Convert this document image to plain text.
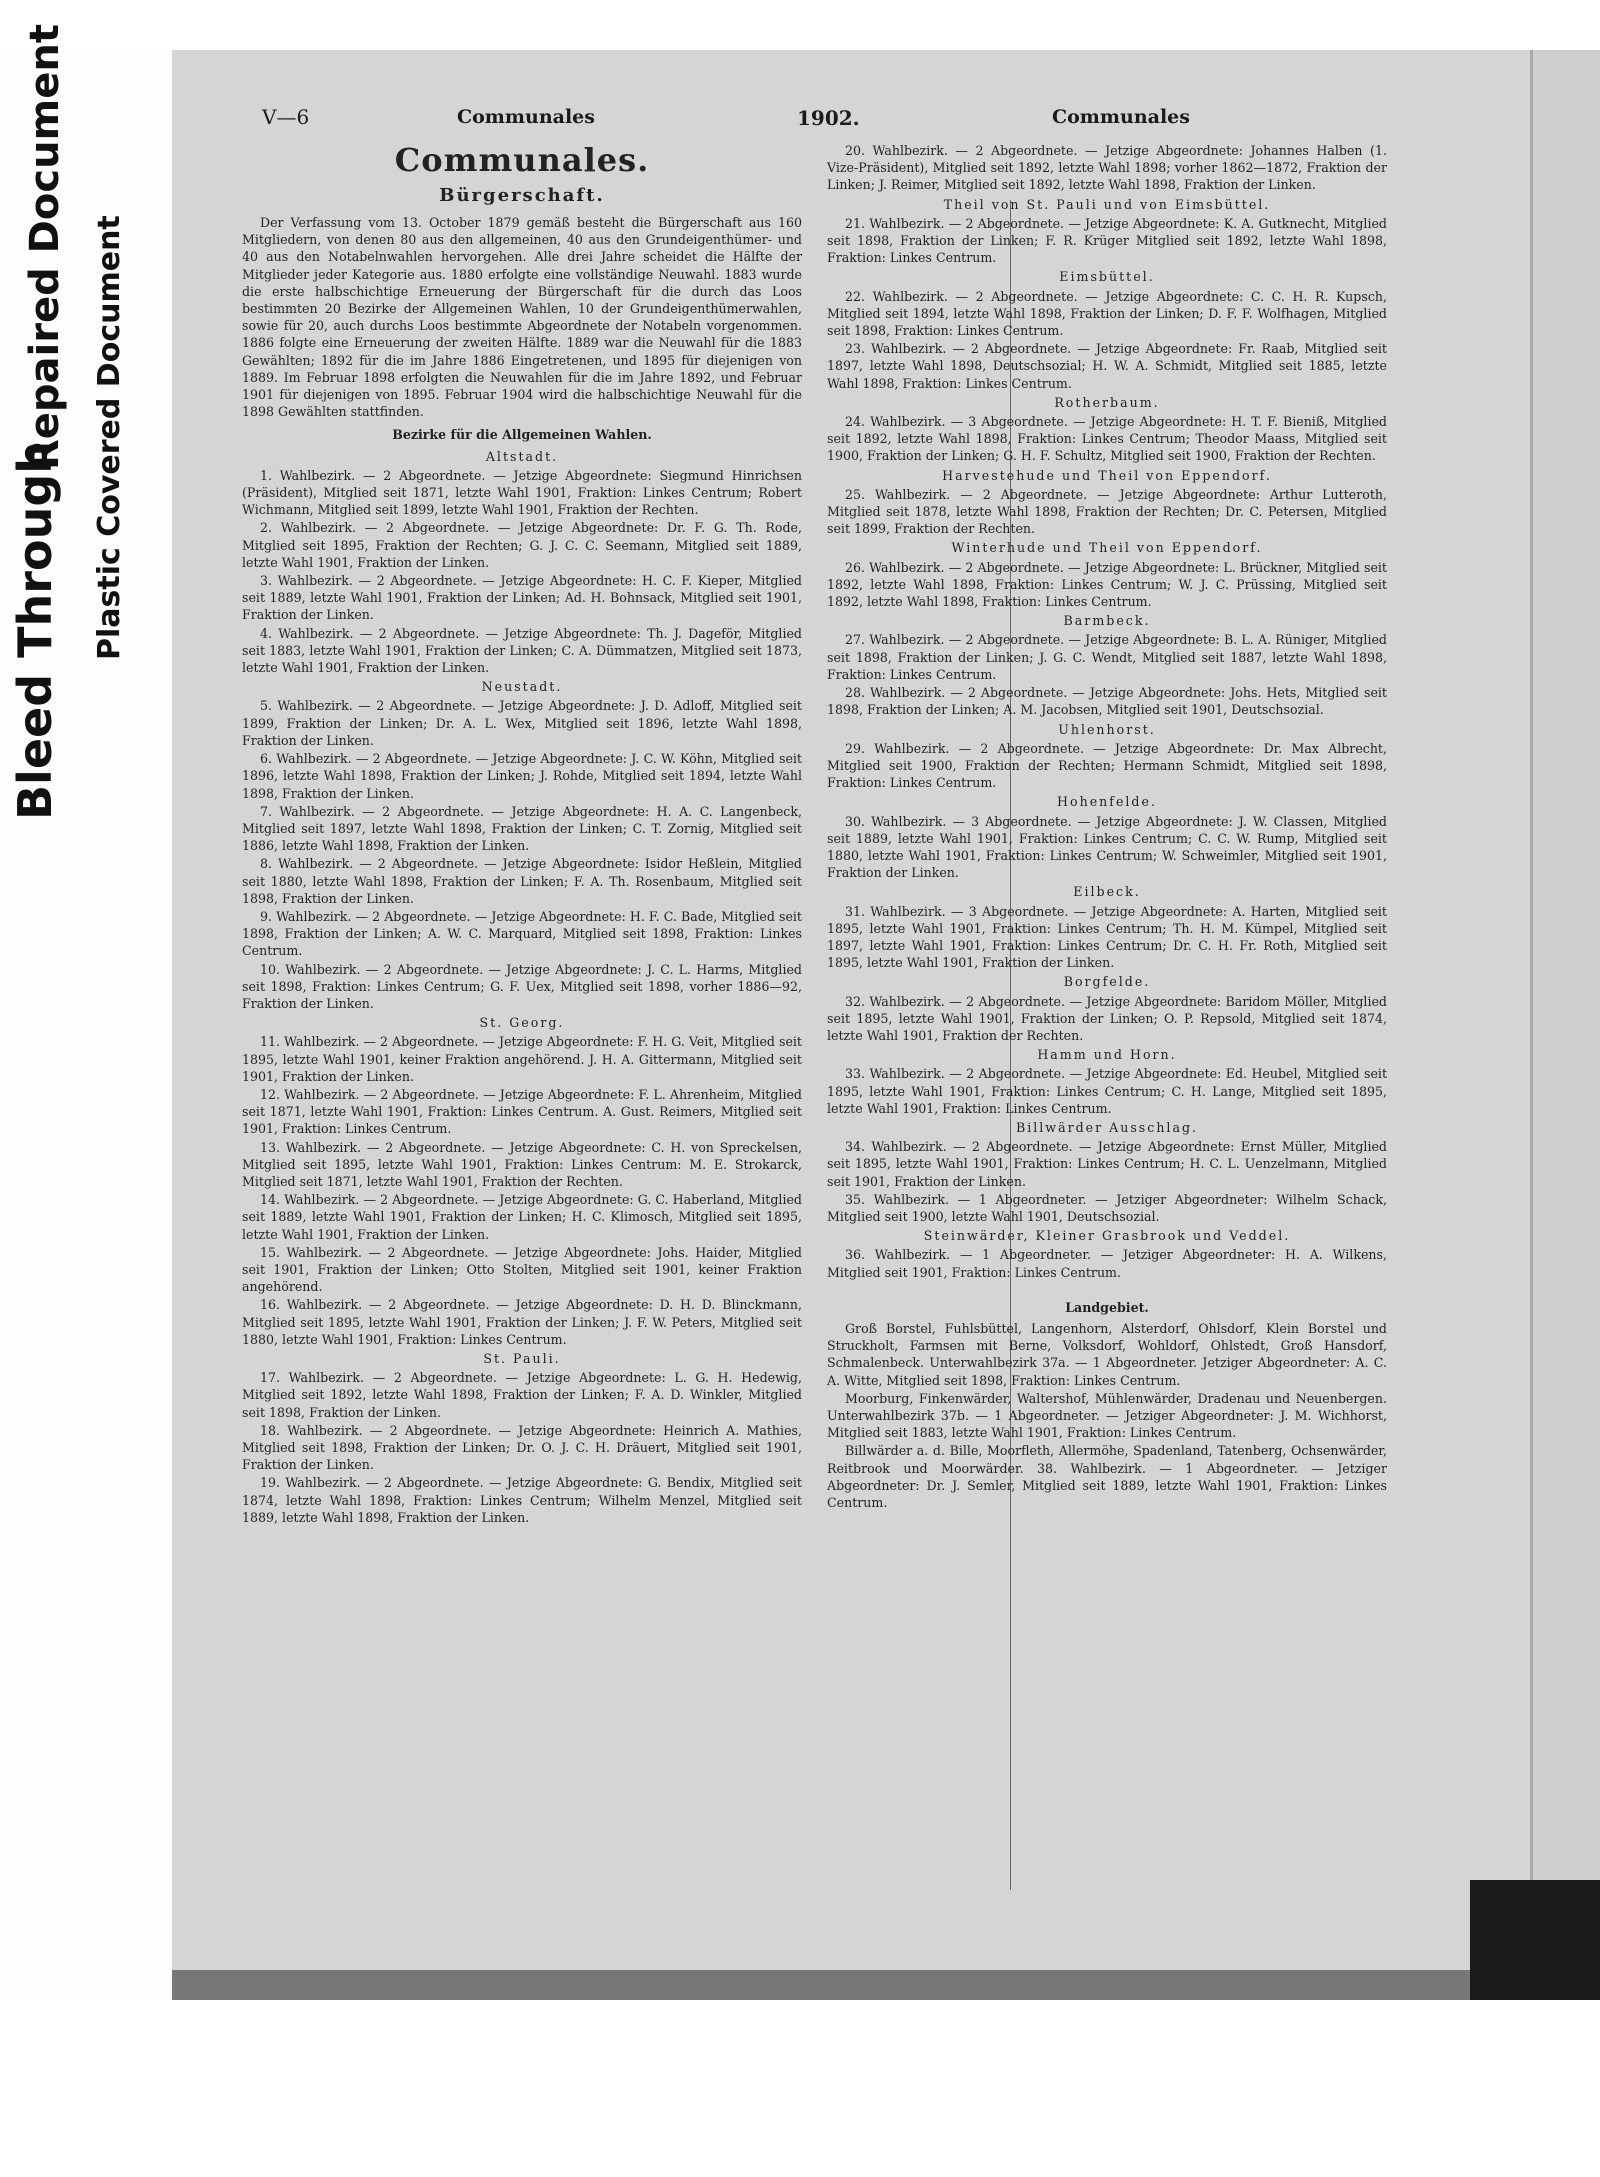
Bleed Through
Repaired Document Plastic Covered Document
V—6	Communales	1902.	Communales
Communales.
Bürgerschaft.

Der Verfassung vom 13. October 1879 gemäß besteht die Bürgerschaft aus 160 Mitgliedern, von denen 80 aus den allgemeinen, 40 aus den Grundeigenthümer- und 40 aus den Notabelnwahlen hervorgehen. Alle drei Jahre scheidet die Hälfte der Mitglieder jeder Kategorie aus. 1880 erfolgte eine vollständige Neuwahl. 1883 wurde die erste halbschichtige Erneuerung der Bürgerschaft für die durch das Loos bestimmten 20 Bezirke der Allgemeinen Wahlen, 10 der Grundeigenthümerwahlen, sowie für 20, auch durchs Loos bestimmte Abgeordnete der Notabeln vorgenommen. 1886 folgte eine Erneuerung der zweiten Hälfte. 1889 war die Neuwahl für die 1883 Gewählten; 1892 für die im Jahre 1886 Eingetretenen, und 1895 für diejenigen von 1889. Im Februar 1898 erfolgten die Neuwahlen für die im Jahre 1892, und Februar 1901 für diejenigen von 1895. Februar 1904 wird die halbschichtige Neuwahl für die 1898 Gewählten stattfinden.

Bezirke für die Allgemeinen Wahlen.

Altstadt.

1. Wahlbezirk. — 2 Abgeordnete. — Jetzige Abgeordnete: Siegmund Hinrichsen (Präsident), Mitglied seit 1871, letzte Wahl 1901, Fraktion: Linkes Centrum; Robert Wichmann, Mitglied seit 1899, letzte Wahl 1901, Fraktion der Rechten.

2. Wahlbezirk. — 2 Abgeordnete. — Jetzige Abgeordnete: Dr. F. G. Th. Rode, Mitglied seit 1895, Fraktion der Rechten; G. J. C. C. Seemann, Mitglied seit 1889, letzte Wahl 1901, Fraktion der Linken.

3. Wahlbezirk. — 2 Abgeordnete. — Jetzige Abgeordnete: H. C. F. Kieper, Mitglied seit 1889, letzte Wahl 1901, Fraktion der Linken; Ad. H. Bohnsack, Mitglied seit 1901, Fraktion der Linken.

4. Wahlbezirk. — 2 Abgeordnete. — Jetzige Abgeordnete: Th. J. Dageför, Mitglied seit 1883, letzte Wahl 1901, Fraktion der Linken; C. A. Dümmatzen, Mitglied seit 1873, letzte Wahl 1901, Fraktion der Linken.

Neustadt.

5. Wahlbezirk. — 2 Abgeordnete. — Jetzige Abgeordnete: J. D. Adloff, Mitglied seit 1899, Fraktion der Linken; Dr. A. L. Wex, Mitglied seit 1896, letzte Wahl 1898, Fraktion der Linken.

6. Wahlbezirk. — 2 Abgeordnete. — Jetzige Abgeordnete: J. C. W. Köhn, Mitglied seit 1896, letzte Wahl 1898, Fraktion der Linken; J. Rohde, Mitglied seit 1894, letzte Wahl 1898, Fraktion der Linken.

7. Wahlbezirk. — 2 Abgeordnete. — Jetzige Abgeordnete: H. A. C. Langenbeck, Mitglied seit 1897, letzte Wahl 1898, Fraktion der Linken; C. T. Zornig, Mitglied seit 1886, letzte Wahl 1898, Fraktion der Linken.

8. Wahlbezirk. — 2 Abgeordnete. — Jetzige Abgeordnete: Isidor Heßlein, Mitglied seit 1880, letzte Wahl 1898, Fraktion der Linken; F. A. Th. Rosenbaum, Mitglied seit 1898, Fraktion der Linken.

9. Wahlbezirk. — 2 Abgeordnete. — Jetzige Abgeordnete: H. F. C. Bade, Mitglied seit 1898, Fraktion der Linken; A. W. C. Marquard, Mitglied seit 1898, Fraktion: Linkes Centrum.

10. Wahlbezirk. — 2 Abgeordnete. — Jetzige Abgeordnete: J. C. L. Harms, Mitglied seit 1898, Fraktion: Linkes Centrum; G. F. Uex, Mitglied seit 1898, vorher 1886—92, Fraktion der Linken.

St. Georg.

11. Wahlbezirk. — 2 Abgeordnete. — Jetzige Abgeordnete: F. H. G. Veit, Mitglied seit 1895, letzte Wahl 1901, keiner Fraktion angehörend. J. H. A. Gittermann, Mitglied seit 1901, Fraktion der Linken.

12. Wahlbezirk. — 2 Abgeordnete. — Jetzige Abgeordnete: F. L. Ahrenheim, Mitglied seit 1871, letzte Wahl 1901, Fraktion: Linkes Centrum. A. Gust. Reimers, Mitglied seit 1901, Fraktion: Linkes Centrum.

13. Wahlbezirk. — 2 Abgeordnete. — Jetzige Abgeordnete: C. H. von Spreckelsen, Mitglied seit 1895, letzte Wahl 1901, Fraktion: Linkes Centrum: M. E. Strokarck, Mitglied seit 1871, letzte Wahl 1901, Fraktion der Rechten.

14. Wahlbezirk. — 2 Abgeordnete. — Jetzige Abgeordnete: G. C. Haberland, Mitglied seit 1889, letzte Wahl 1901, Fraktion der Linken; H. C. Klimosch, Mitglied seit 1895, letzte Wahl 1901, Fraktion der Linken.

15. Wahlbezirk. — 2 Abgeordnete. — Jetzige Abgeordnete: Johs. Haider, Mitglied seit 1901, Fraktion der Linken; Otto Stolten, Mitglied seit 1901, keiner Fraktion angehörend.

16. Wahlbezirk. — 2 Abgeordnete. — Jetzige Abgeordnete: D. H. D. Blinckmann, Mitglied seit 1895, letzte Wahl 1901, Fraktion der Linken; J. F. W. Peters, Mitglied seit 1880, letzte Wahl 1901, Fraktion: Linkes Centrum.

St. Pauli.

17. Wahlbezirk. — 2 Abgeordnete. — Jetzige Abgeordnete: L. G. H. Hedewig, Mitglied seit 1892, letzte Wahl 1898, Fraktion der Linken; F. A. D. Winkler, Mitglied seit 1898, Fraktion der Linken.

18. Wahlbezirk. — 2 Abgeordnete. — Jetzige Abgeordnete: Heinrich A. Mathies, Mitglied seit 1898, Fraktion der Linken; Dr. O. J. C. H. Dräuert, Mitglied seit 1901, Fraktion der Linken.

19. Wahlbezirk. — 2 Abgeordnete. — Jetzige Abgeordnete: G. Bendix, Mitglied seit 1874, letzte Wahl 1898, Fraktion: Linkes Centrum; Wilhelm Menzel, Mitglied seit 1889, letzte Wahl 1898, Fraktion der Linken.

20. Wahlbezirk. — 2 Abgeordnete. — Jetzige Abgeordnete: Johannes Halben (1. Vize-Präsident), Mitglied seit 1892, letzte Wahl 1898; vorher 1862—1872, Fraktion der Linken; J. Reimer, Mitglied seit 1892, letzte Wahl 1898, Fraktion der Linken.

Theil von St. Pauli und von Eimsbüttel.

21. Wahlbezirk. — 2 Abgeordnete. — Jetzige Abgeordnete: K. A. Gutknecht, Mitglied seit 1898, Fraktion der Linken; F. R. Krüger Mitglied seit 1892, letzte Wahl 1898, Fraktion: Linkes Centrum.

Eimsbüttel.

22. Wahlbezirk. — 2 Abgeordnete. — Jetzige Abgeordnete: C. C. H. R. Kupsch, Mitglied seit 1894, letzte Wahl 1898, Fraktion der Linken; D. F. F. Wolfhagen, Mitglied seit 1898, Fraktion: Linkes Centrum.

23. Wahlbezirk. — 2 Abgeordnete. — Jetzige Abgeordnete: Fr. Raab, Mitglied seit 1897, letzte Wahl 1898, Deutschsozial; H. W. A. Schmidt, Mitglied seit 1885, letzte Wahl 1898, Fraktion: Linkes Centrum.

Rotherbaum.

24. Wahlbezirk. — 3 Abgeordnete. — Jetzige Abgeordnete: H. T. F. Bieniß, Mitglied seit 1892, letzte Wahl 1898, Fraktion: Linkes Centrum; Theodor Maass, Mitglied seit 1900, Fraktion der Linken; G. H. F. Schultz, Mitglied seit 1900, Fraktion der Rechten.

Harvestehude und Theil von Eppendorf.

25. Wahlbezirk. — 2 Abgeordnete. — Jetzige Abgeordnete: Arthur Lutteroth, Mitglied seit 1878, letzte Wahl 1898, Fraktion der Rechten; Dr. C. Petersen, Mitglied seit 1899, Fraktion der Rechten.

Winterhude und Theil von Eppendorf.

26. Wahlbezirk. — 2 Abgeordnete. — Jetzige Abgeordnete: L. Brückner, Mitglied seit 1892, letzte Wahl 1898, Fraktion: Linkes Centrum; W. J. C. Prüssing, Mitglied seit 1892, letzte Wahl 1898, Fraktion: Linkes Centrum.

Barmbeck.

27. Wahlbezirk. — 2 Abgeordnete. — Jetzige Abgeordnete: B. L. A. Rüniger, Mitglied seit 1898, Fraktion der Linken; J. G. C. Wendt, Mitglied seit 1887, letzte Wahl 1898, Fraktion: Linkes Centrum.

28. Wahlbezirk. — 2 Abgeordnete. — Jetzige Abgeordnete: Johs. Hets, Mitglied seit 1898, Fraktion der Linken; A. M. Jacobsen, Mitglied seit 1901, Deutschsozial.

Uhlenhorst.

29. Wahlbezirk. — 2 Abgeordnete. — Jetzige Abgeordnete: Dr. Max Albrecht, Mitglied seit 1900, Fraktion der Rechten; Hermann Schmidt, Mitglied seit 1898, Fraktion: Linkes Centrum.

Hohenfelde.

30. Wahlbezirk. — 3 Abgeordnete. — Jetzige Abgeordnete: J. W. Classen, Mitglied seit 1889, letzte Wahl 1901, Fraktion: Linkes Centrum; C. C. W. Rump, Mitglied seit 1880, letzte Wahl 1901, Fraktion: Linkes Centrum; W. Schweimler, Mitglied seit 1901, Fraktion der Linken.

Eilbeck.

31. Wahlbezirk. — 3 Abgeordnete. — Jetzige Abgeordnete: A. Harten, Mitglied seit 1895, letzte Wahl 1901, Fraktion: Linkes Centrum; Th. H. M. Kümpel, Mitglied seit 1897, letzte Wahl 1901, Fraktion: Linkes Centrum; Dr. C. H. Fr. Roth, Mitglied seit 1895, letzte Wahl 1901, Fraktion der Linken.

Borgfelde.

32. Wahlbezirk. — 2 Abgeordnete. — Jetzige Abgeordnete: Baridom Möller, Mitglied seit 1895, letzte Wahl 1901, Fraktion der Linken; O. P. Repsold, Mitglied seit 1874, letzte Wahl 1901, Fraktion der Rechten.

Hamm und Horn.

33. Wahlbezirk. — 2 Abgeordnete. — Jetzige Abgeordnete: Ed. Heubel, Mitglied seit 1895, letzte Wahl 1901, Fraktion: Linkes Centrum; C. H. Lange, Mitglied seit 1895, letzte Wahl 1901, Fraktion: Linkes Centrum.

Billwärder Ausschlag.

34. Wahlbezirk. — 2 Abgeordnete. — Jetzige Abgeordnete: Ernst Müller, Mitglied seit 1895, letzte Wahl 1901, Fraktion: Linkes Centrum; H. C. L. Uenzelmann, Mitglied seit 1901, Fraktion der Linken.

35. Wahlbezirk. — 1 Abgeordneter. — Jetziger Abgeordneter: Wilhelm Schack, Mitglied seit 1900, letzte Wahl 1901, Deutschsozial.

Steinwärder, Kleiner Grasbrook und Veddel.

36. Wahlbezirk. — 1 Abgeordneter. — Jetziger Abgeordneter: H. A. Wilkens, Mitglied seit 1901, Fraktion: Linkes Centrum.

Landgebiet.

Groß Borstel, Fuhlsbüttel, Langenhorn, Alsterdorf, Ohlsdorf, Klein Borstel und Struckholt, Farmsen mit Berne, Volksdorf, Wohldorf, Ohlstedt, Groß Hansdorf, Schmalenbeck. Unterwahlbezirk 37a. — 1 Abgeordneter. Jetziger Abgeordneter: A. C. A. Witte, Mitglied seit 1898, Fraktion: Linkes Centrum.

Moorburg, Finkenwärder, Waltershof, Mühlenwärder, Dradenau und Neuenbergen. Unterwahlbezirk 37b. — 1 Abgeordneter. — Jetziger Abgeordneter: J. M. Wichhorst, Mitglied seit 1883, letzte Wahl 1901, Fraktion: Linkes Centrum.

Billwärder a. d. Bille, Moorfleth, Allermöhe, Spadenland, Tatenberg, Ochsenwärder, Reitbrook und Moorwärder. 38. Wahlbezirk. — 1 Abgeordneter. — Jetziger Abgeordneter: Dr. J. Semler, Mitglied seit 1889, letzte Wahl 1901, Fraktion: Linkes Centrum.
